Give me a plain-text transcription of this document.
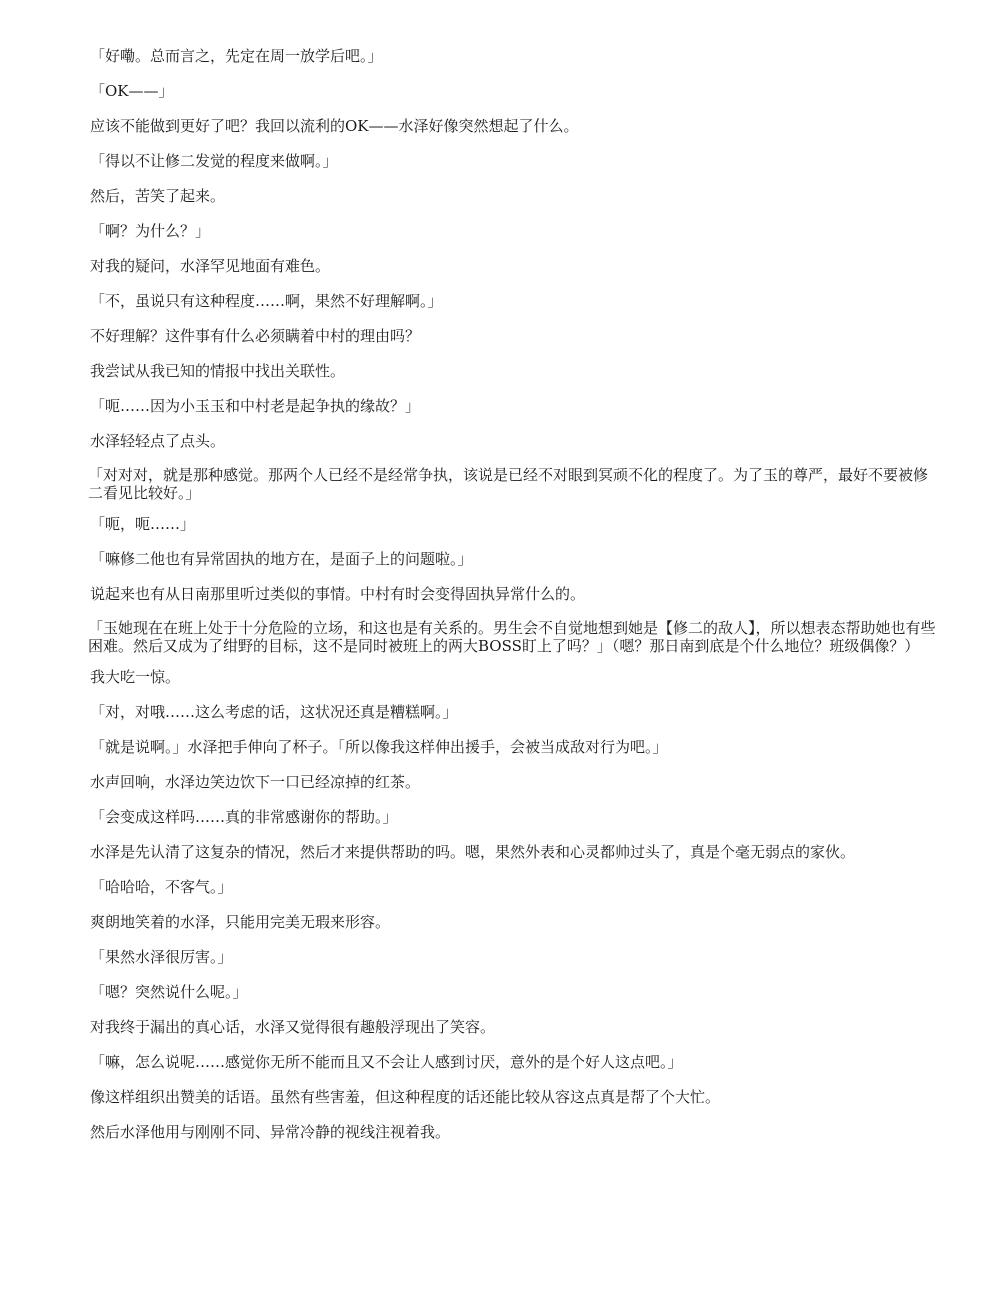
「好嘞。总而言之，先定在周一放学后吧。」

「OK——」

应该不能做到更好了吧？我回以流利的OK——水泽好像突然想起了什么。

「得以不让修二发觉的程度来做啊。」

然后，苦笑了起来。

「啊？为什么？」

对我的疑问，水泽罕见地面有难色。

「不，虽说只有这种程度……啊，果然不好理解啊。」

不好理解？这件事有什么必须瞒着中村的理由吗？

我尝试从我已知的情报中找出关联性。

「呃……因为小玉玉和中村老是起争执的缘故？」

水泽轻轻点了点头。

「对对对，就是那种感觉。那两个人已经不是经常争执，该说是已经不对眼到冥顽不化的程度了。为了玉的尊严，最好不要被修二看见比较好。」

「呃，呃……」

「嘛修二他也有异常固执的地方在，是面子上的问题啦。」

说起来也有从日南那里听过类似的事情。中村有时会变得固执异常什么的。

「玉她现在在班上处于十分危险的立场，和这也是有关系的。男生会不自觉地想到她是【修二的敌人】，所以想表态帮助她也有些困难。然后又成为了绀野的目标，这不是同时被班上的两大BOSS盯上了吗？」（嗯？那日南到底是个什么地位？班级偶像？）

我大吃一惊。

「对，对哦……这么考虑的话，这状况还真是糟糕啊。」

「就是说啊。」水泽把手伸向了杯子。「所以像我这样伸出援手，会被当成敌对行为吧。」

水声回响，水泽边笑边饮下一口已经凉掉的红茶。

「会变成这样吗……真的非常感谢你的帮助。」

水泽是先认清了这复杂的情况，然后才来提供帮助的吗。嗯，果然外表和心灵都帅过头了，真是个毫无弱点的家伙。

「哈哈哈，不客气。」

爽朗地笑着的水泽，只能用完美无瑕来形容。

「果然水泽很厉害。」

「嗯？突然说什么呢。」

对我终于漏出的真心话，水泽又觉得很有趣般浮现出了笑容。

「嘛，怎么说呢……感觉你无所不能而且又不会让人感到讨厌，意外的是个好人这点吧。」

像这样组织出赞美的话语。虽然有些害羞，但这种程度的话还能比较从容这点真是帮了个大忙。

然后水泽他用与刚刚不同、异常冷静的视线注视着我。
